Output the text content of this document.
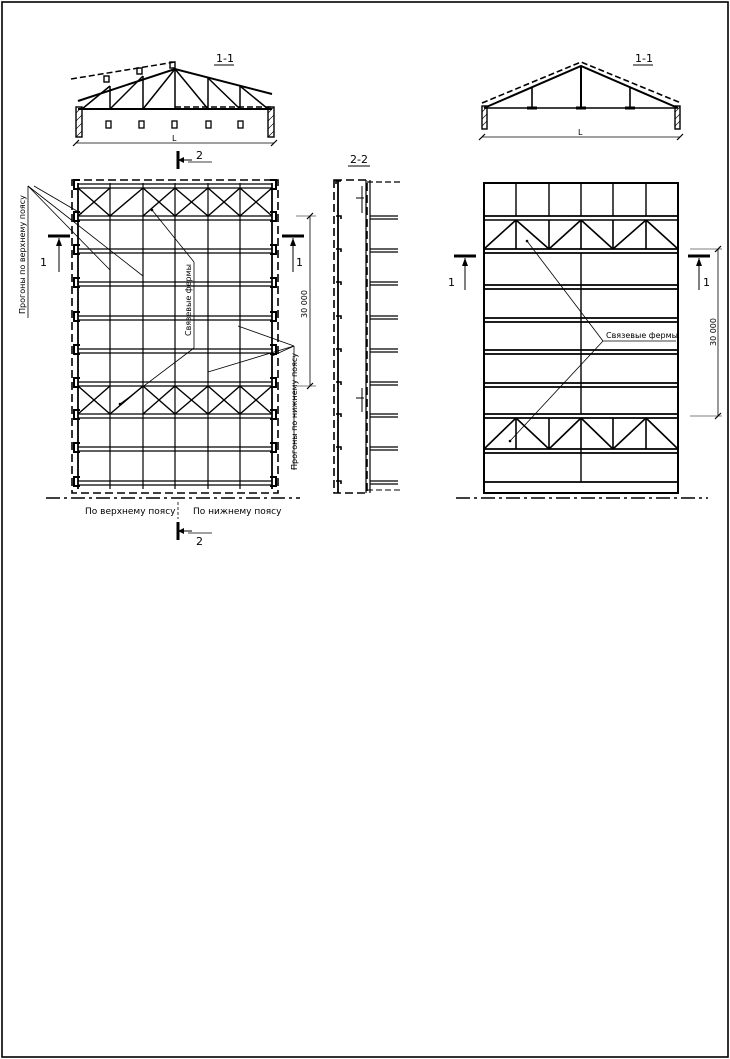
1-1
L
1-1
L
2
1	1
Прогоны по верхнему поясу	Связевые фермы
Прогоны по нижнему поясу
30 000
По верхнему поясу По нижнему поясу
2
2-2
1	1
Связевые фермы	30 000
